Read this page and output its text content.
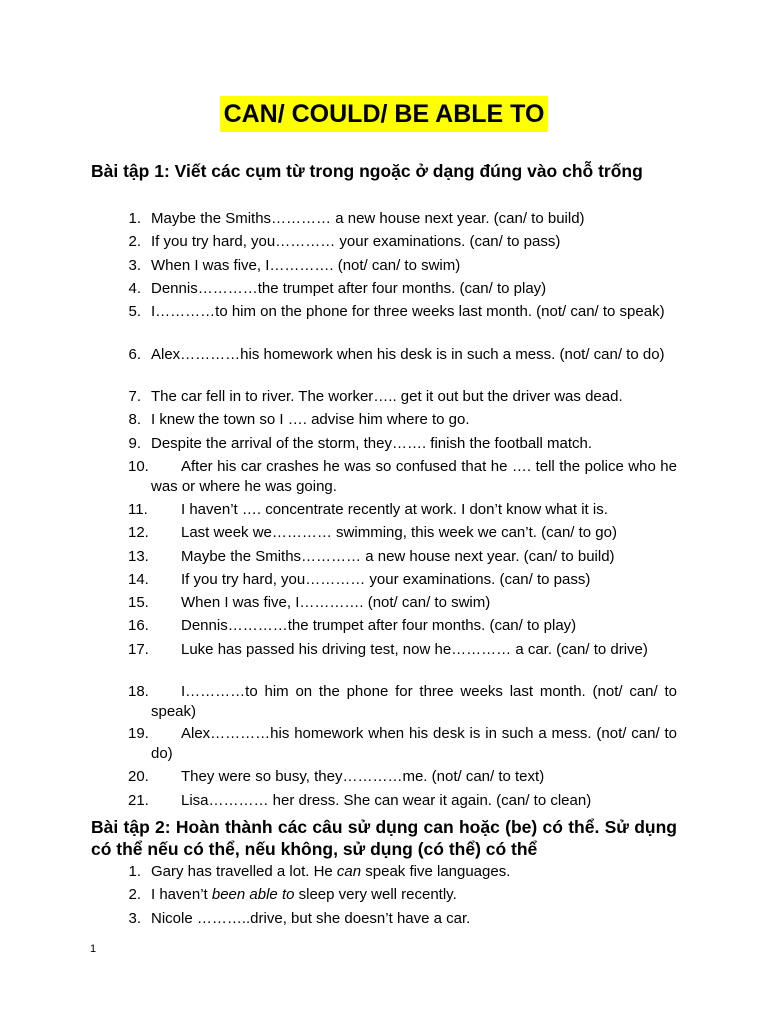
CAN/ COULD/ BE ABLE TO
Bài tập 1: Viết các cụm từ trong ngoặc ở dạng đúng vào chỗ trống
1. Maybe the Smiths………… a new house next year. (can/ to build)
2. If you try hard, you………… your examinations. (can/ to pass)
3. When I was five, I…………. (not/ can/ to swim)
4. Dennis…………the trumpet after four months. (can/ to play)
5. I…………to him on the phone for three weeks last month. (not/ can/ to speak)
6. Alex…………his homework when his desk is in such a mess. (not/ can/ to do)
7. The car fell in to river. The worker….. get it out but the driver was dead.
8. I knew the town so I …. advise him where to go.
9. Despite the arrival of the storm, they……. finish the football match.
10.	After his car crashes he was so confused that he …. tell the police who he was or where he was going.
11.	I haven’t …. concentrate recently at work. I don’t know what it is.
12.	Last week we………… swimming, this week we can’t. (can/ to go)
13.	Maybe the Smiths………… a new house next year. (can/ to build)
14.	If you try hard, you………… your examinations. (can/ to pass)
15.	When I was five, I…………. (not/ can/ to swim)
16.	Dennis…………the trumpet after four months. (can/ to play)
17.	Luke has passed his driving test, now he………… a car. (can/ to drive)
18.	I…………to him on the phone for three weeks last month. (not/ can/ to speak)
19.	Alex…………his homework when his desk is in such a mess. (not/ can/ to do)
20.	They were so busy, they…………me. (not/ can/ to text)
21.	Lisa………… her dress. She can wear it again. (can/ to clean)
Bài tập 2: Hoàn thành các câu sử dụng can hoặc (be) có thể. Sử dụng có thể nếu có thể, nếu không, sử dụng (có thể) có thể
1. Gary has travelled a lot. He can speak five languages.
2. I haven’t been able to sleep very well recently.
3. Nicole ………..drive, but she doesn’t have a car.
1
